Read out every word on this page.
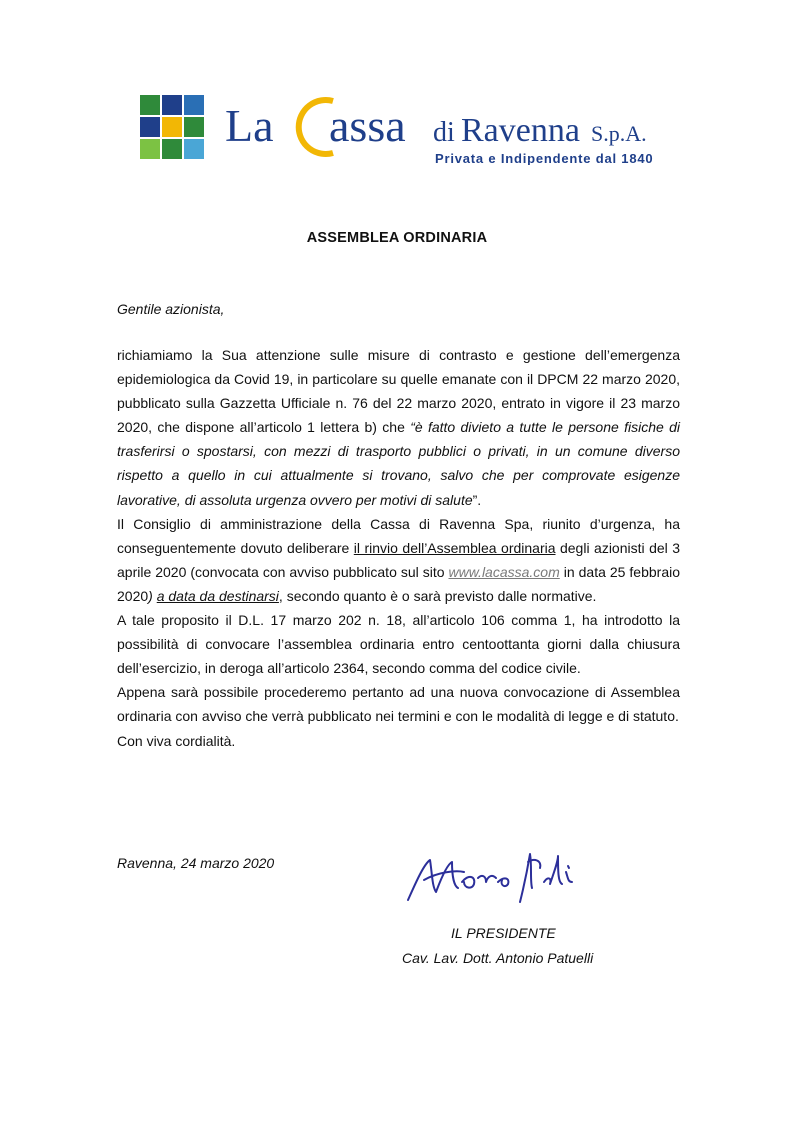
La assa di Ravenna S.p.A.
Privata e Indipendente dal 1840
ASSEMBLEA ORDINARIA
Gentile azionista,

richiamiamo la Sua attenzione sulle misure di contrasto e gestione dell’emergenza epidemiologica da Covid 19, in particolare su quelle emanate con il DPCM 22 marzo 2020, pubblicato sulla Gazzetta Ufficiale n. 76 del 22 marzo 2020, entrato in vigore il 23 marzo 2020, che dispone all’articolo 1 lettera b) che “è fatto divieto a tutte le persone fisiche di trasferirsi o spostarsi, con mezzi di trasporto pubblici o privati, in un comune diverso rispetto a quello in cui attualmente si trovano, salvo che per comprovate esigenze lavorative, di assoluta urgenza ovvero per motivi di salute”.

Il Consiglio di amministrazione della Cassa di Ravenna Spa, riunito d’urgenza, ha conseguentemente dovuto deliberare il rinvio dell’Assemblea ordinaria degli azionisti del 3 aprile 2020 (convocata con avviso pubblicato sul sito www.lacassa.com in data 25 febbraio 2020) a data da destinarsi, secondo quanto è o sarà previsto dalle normative.

A tale proposito il D.L. 17 marzo 202 n. 18, all’articolo 106 comma 1, ha introdotto la possibilità di convocare l’assemblea ordinaria entro centoottanta giorni dalla chiusura dell’esercizio, in deroga all’articolo 2364, secondo comma del codice civile.

Appena sarà possibile procederemo pertanto ad una nuova convocazione di Assemblea ordinaria con avviso che verrà pubblicato nei termini e con le modalità di legge e di statuto.

Con viva cordialità.

Ravenna, 24 marzo 2020
IL PRESIDENTE
Cav. Lav. Dott. Antonio Patuelli
